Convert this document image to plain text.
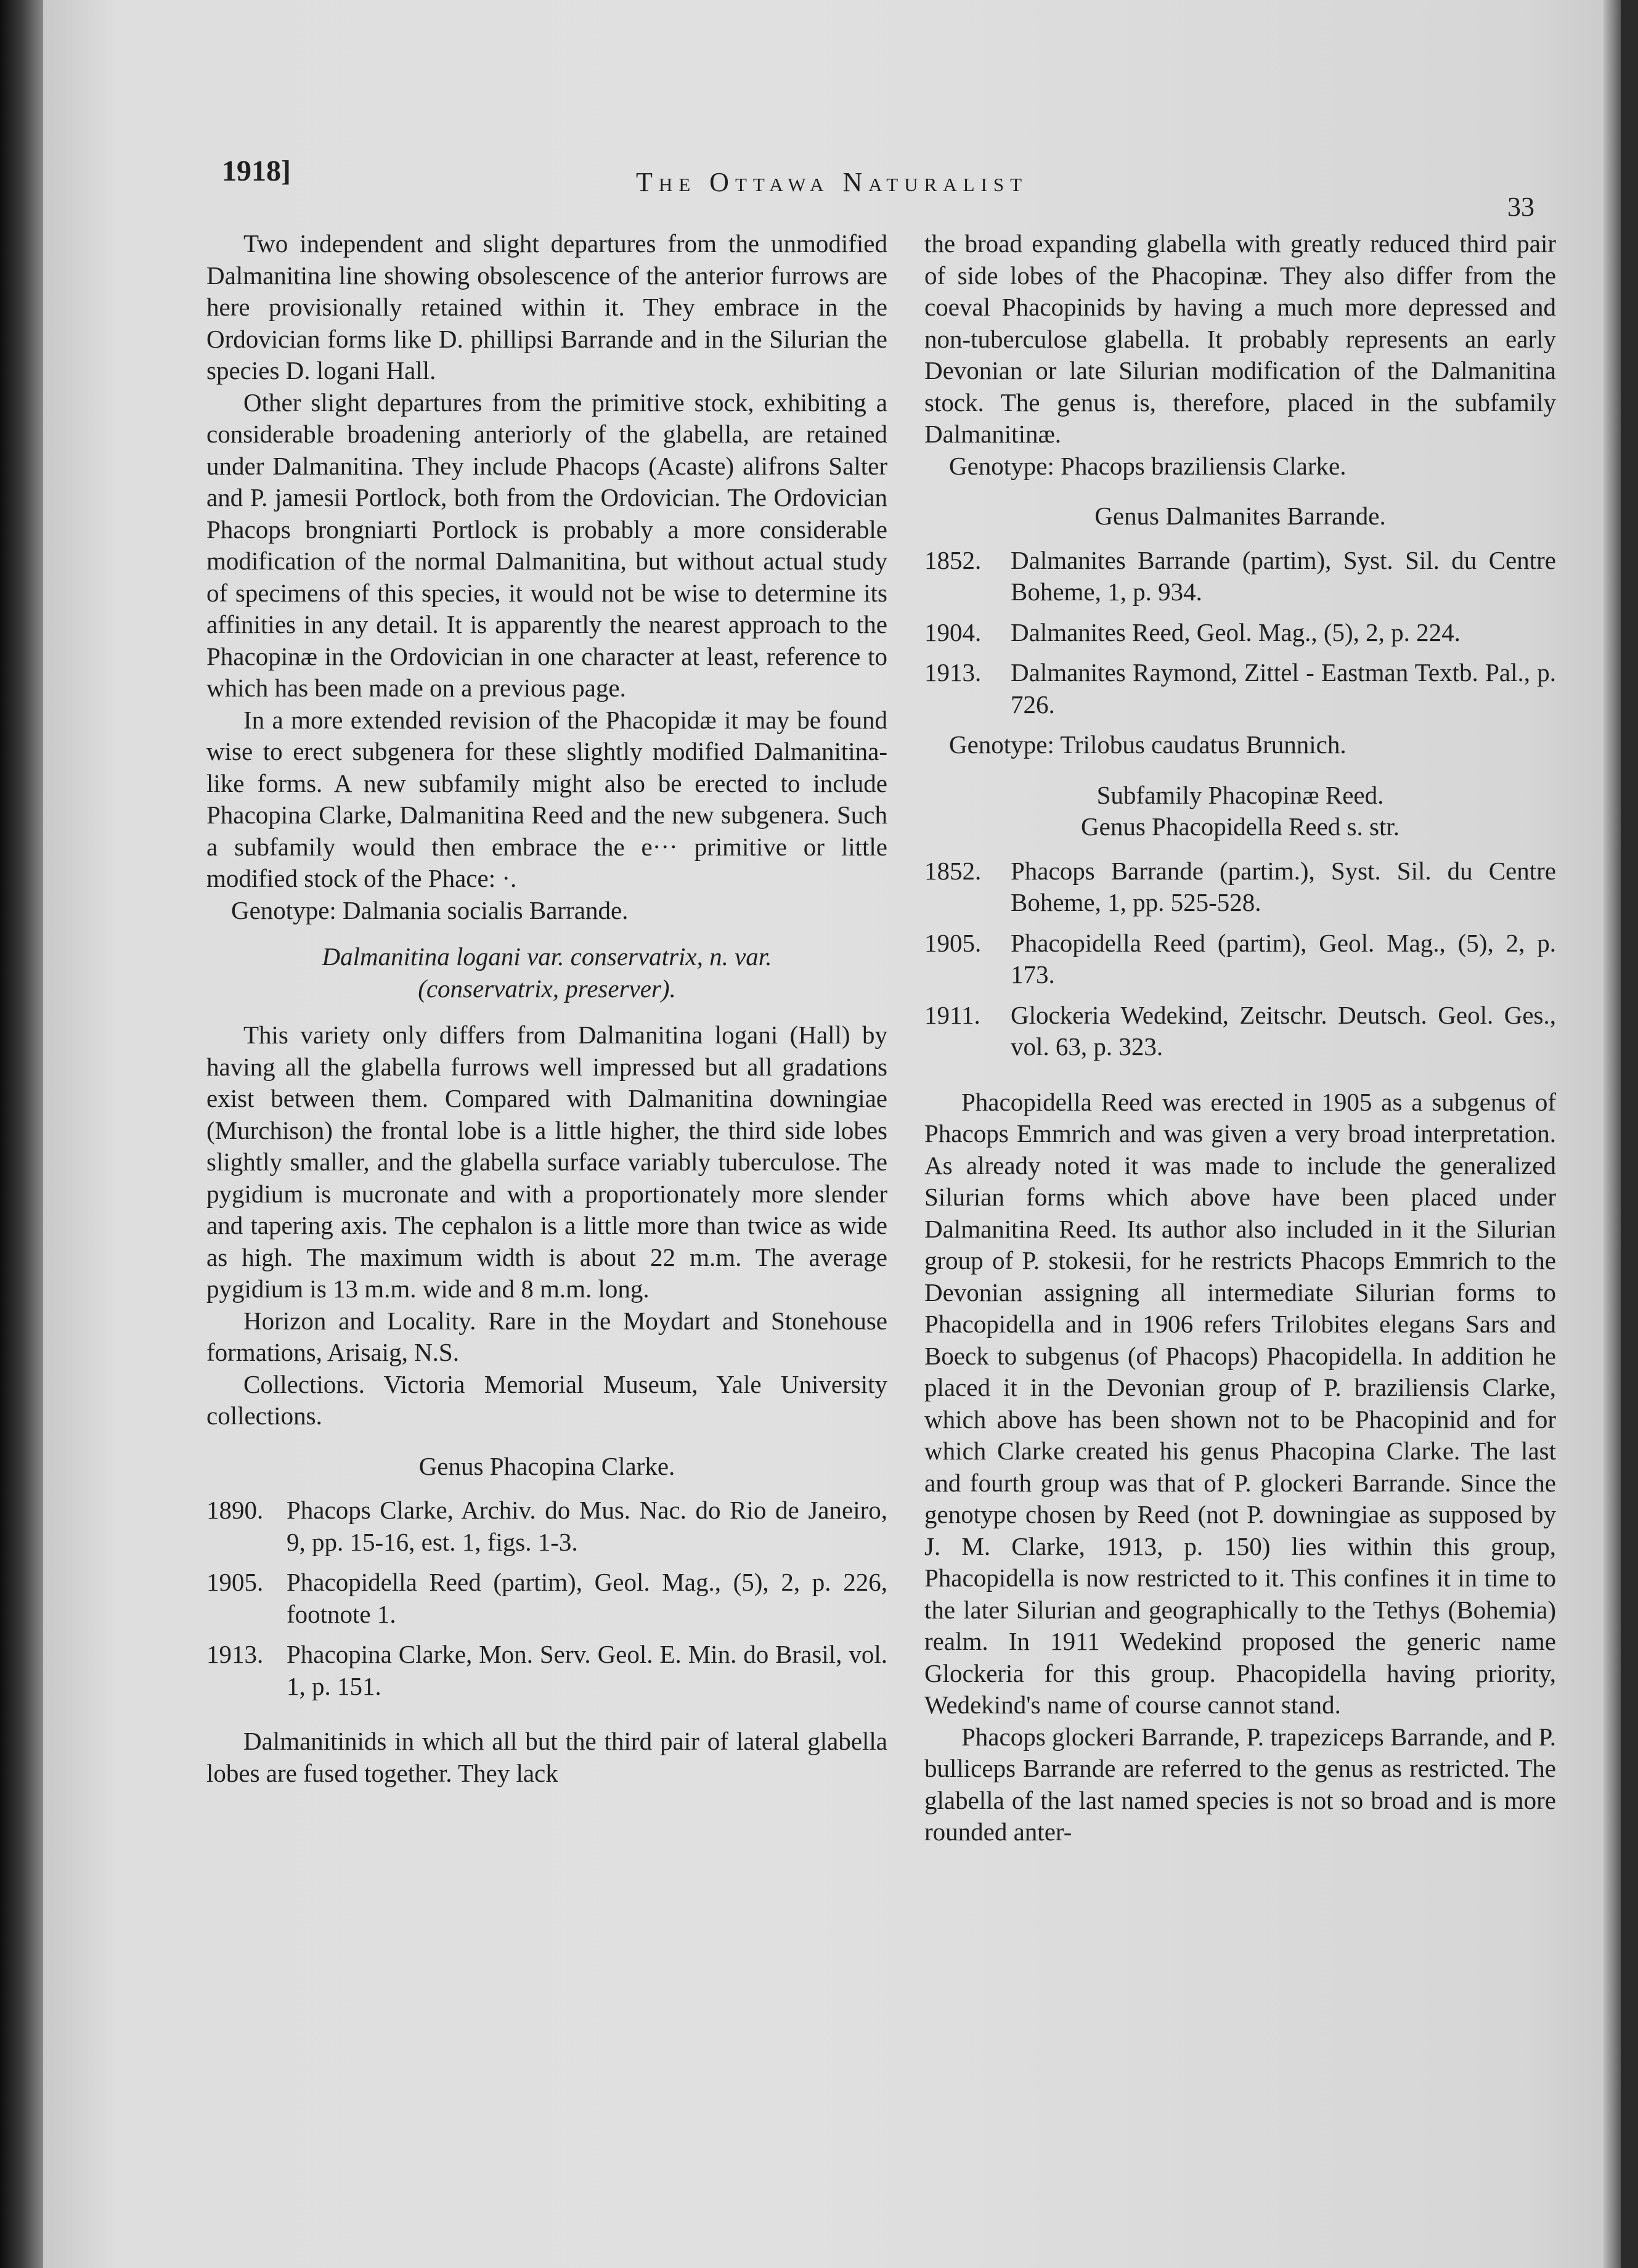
1918]	The Ottawa Naturalist
33

Two independent and slight departures from the unmodified Dalmanitina line showing obsolescence of the anterior furrows are here provisionally retained within it. They embrace in the Ordovician forms like D. phillipsi Barrande and in the Silurian the species D. logani Hall.

Other slight departures from the primitive stock, exhibiting a considerable broadening anteriorly of the glabella, are retained under Dalmanitina. They include Phacops (Acaste) alifrons Salter and P. jamesii Portlock, both from the Ordovician. The Ordovician Phacops brongniarti Portlock is probably a more considerable modification of the normal Dalmanitina, but without actual study of specimens of this species, it would not be wise to determine its affinities in any detail. It is apparently the nearest approach to the Phacopinæ in the Ordovician in one character at least, reference to which has been made on a previous page.

In a more extended revision of the Phacopidæ it may be found wise to erect subgenera for these slightly modified Dalmanitina-like forms. A new subfamily might also be erected to include Phacopina Clarke, Dalmanitina Reed and the new subgenera. Such a subfamily would then embrace the e··· primitive or little modified stock of the Phace: ·.

Genotype: Dalmania socialis Barrande.

Dalmanitina logani var. conservatrix, n. var.

(conservatrix, preserver).

This variety only differs from Dalmanitina logani (Hall) by having all the glabella furrows well impressed but all gradations exist between them. Compared with Dalmanitina downingiae (Murchison) the frontal lobe is a little higher, the third side lobes slightly smaller, and the glabella surface variably tuberculose. The pygidium is mucronate and with a proportionately more slender and tapering axis. The cephalon is a little more than twice as wide as high. The maximum width is about 22 m.m. The average pygidium is 13 m.m. wide and 8 m.m. long.

Horizon and Locality. Rare in the Moydart and Stonehouse formations, Arisaig, N.S.

Collections. Victoria Memorial Museum, Yale University collections.

Genus Phacopina Clarke.

1890. Phacops Clarke, Archiv. do Mus. Nac. do Rio de Janeiro, 9, pp. 15-16, est. 1, figs. 1-3.
1905. Phacopidella Reed (partim), Geol. Mag., (5), 2, p. 226, footnote 1.
1913. Phacopina Clarke, Mon. Serv. Geol. E. Min. do Brasil, vol. 1, p. 151.

Dalmanitinids in which all but the third pair of lateral glabella lobes are fused together. They lack

the broad expanding glabella with greatly reduced third pair of side lobes of the Phacopinæ. They also differ from the coeval Phacopinids by having a much more depressed and non-tuberculose glabella. It probably represents an early Devonian or late Silurian modification of the Dalmanitina stock. The genus is, therefore, placed in the subfamily Dalmanitinæ.

Genotype: Phacops braziliensis Clarke.

Genus Dalmanites Barrande.

1852.	Dalmanites Barrande (partim), Syst. Sil. du Centre Boheme, 1, p. 934.
1904.	Dalmanites Reed, Geol. Mag., (5), 2, p. 224.
1913.	Dalmanites Raymond, Zittel - Eastman Textb. Pal., p. 726.

Genotype: Trilobus caudatus Brunnich.

Subfamily Phacopinæ Reed.

Genus Phacopidella Reed s. str.

1852.	Phacops Barrande (partim.), Syst. Sil. du Centre Boheme, 1, pp. 525-528.
1905.	Phacopidella Reed (partim), Geol. Mag., (5), 2, p. 173.
1911.	Glockeria Wedekind, Zeitschr. Deutsch. Geol. Ges., vol. 63, p. 323.

Phacopidella Reed was erected in 1905 as a subgenus of Phacops Emmrich and was given a very broad interpretation. As already noted it was made to include the generalized Silurian forms which above have been placed under Dalmanitina Reed. Its author also included in it the Silurian group of P. stokesii, for he restricts Phacops Emmrich to the Devonian assigning all intermediate Silurian forms to Phacopidella and in 1906 refers Trilobites elegans Sars and Boeck to subgenus (of Phacops) Phacopidella. In addition he placed it in the Devonian group of P. braziliensis Clarke, which above has been shown not to be Phacopinid and for which Clarke created his genus Phacopina Clarke. The last and fourth group was that of P. glockeri Barrande. Since the genotype chosen by Reed (not P. downingiae as supposed by J. M. Clarke, 1913, p. 150) lies within this group, Phacopidella is now restricted to it. This confines it in time to the later Silurian and geographically to the Tethys (Bohemia) realm. In 1911 Wedekind proposed the generic name Glockeria for this group. Phacopidella having priority, Wedekind's name of course cannot stand.

Phacops glockeri Barrande, P. trapeziceps Barrande, and P. bulliceps Barrande are referred to the genus as restricted. The glabella of the last named species is not so broad and is more rounded anter-
